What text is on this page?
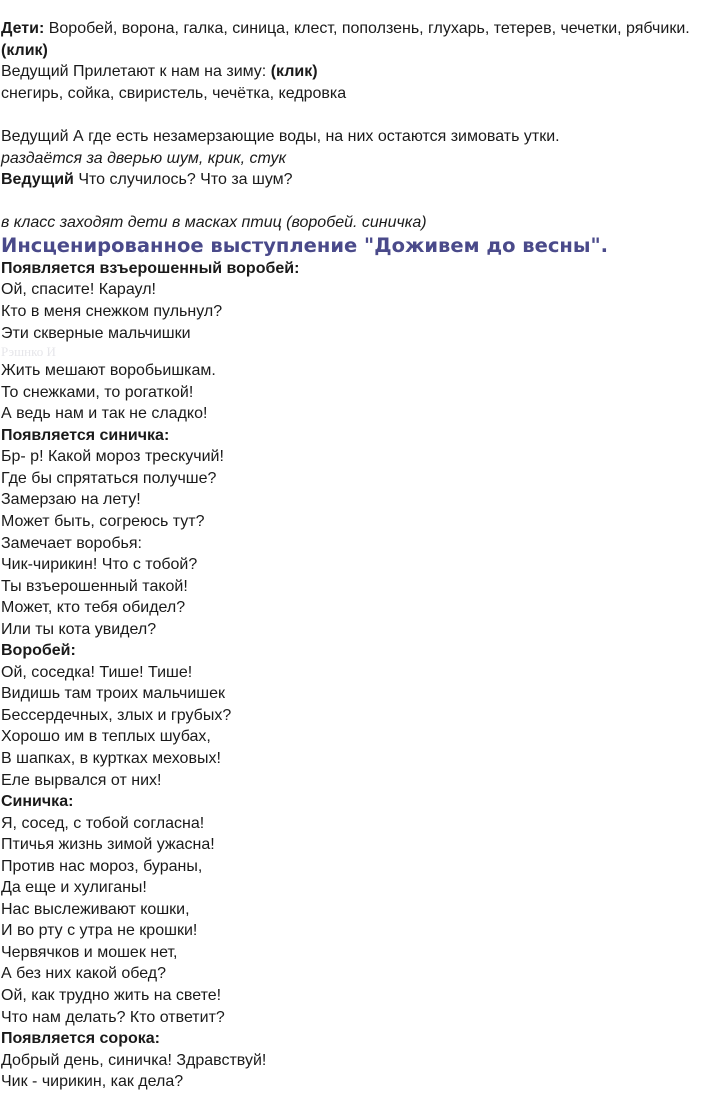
Дети: Воробей, ворона, галка, синица, клест, поползень, глухарь, тетерев, чечетки, рябчики.
(клик)
Ведущий Прилетают к нам на зиму: (клик)
снегирь, сойка, свиристель, чечётка, кедровка
Ведущий А где есть незамерзающие воды, на них остаются зимовать утки.
раздаётся за дверью шум, крик, стук
Ведущий Что случилось? Что за шум?
в класс заходят дети в масках птиц (воробей. синичка)
Инсценированное выступление "Доживем до весны".
Появляется взъерошенный воробей:
Ой, спасите! Караул!
Кто в меня снежком пульнул?
Эти скверные мальчишки
Рэшнко И
Жить мешают воробьишкам.
То снежками, то рогаткой!
А ведь нам и так не сладко!
Появляется синичка:
Бр- р! Какой мороз трескучий!
Где бы спрятаться получше?
Замерзаю на лету!
Может быть, согреюсь тут?
Замечает воробья:
Чик-чирикин! Что с тобой?
Ты взъерошенный такой!
Может, кто тебя обидел?
Или ты кота увидел?
Воробей:
Ой, соседка! Тише! Тише!
Видишь там троих мальчишек
Бессердечных, злых и грубых?
Хорошо им в теплых шубах,
В шапках, в куртках меховых!
Еле вырвался от них!
Синичка:
Я, сосед, с тобой согласна!
Птичья жизнь зимой ужасна!
Против нас мороз, бураны,
Да еще и хулиганы!
Нас выслеживают кошки,
И во рту с утра не крошки!
Червячков и мошек нет,
А без них какой обед?
Ой, как трудно жить на свете!
Что нам делать? Кто ответит?
Появляется сорока:
Добрый день, синичка! Здравствуй!
Чик - чирикин, как дела?
